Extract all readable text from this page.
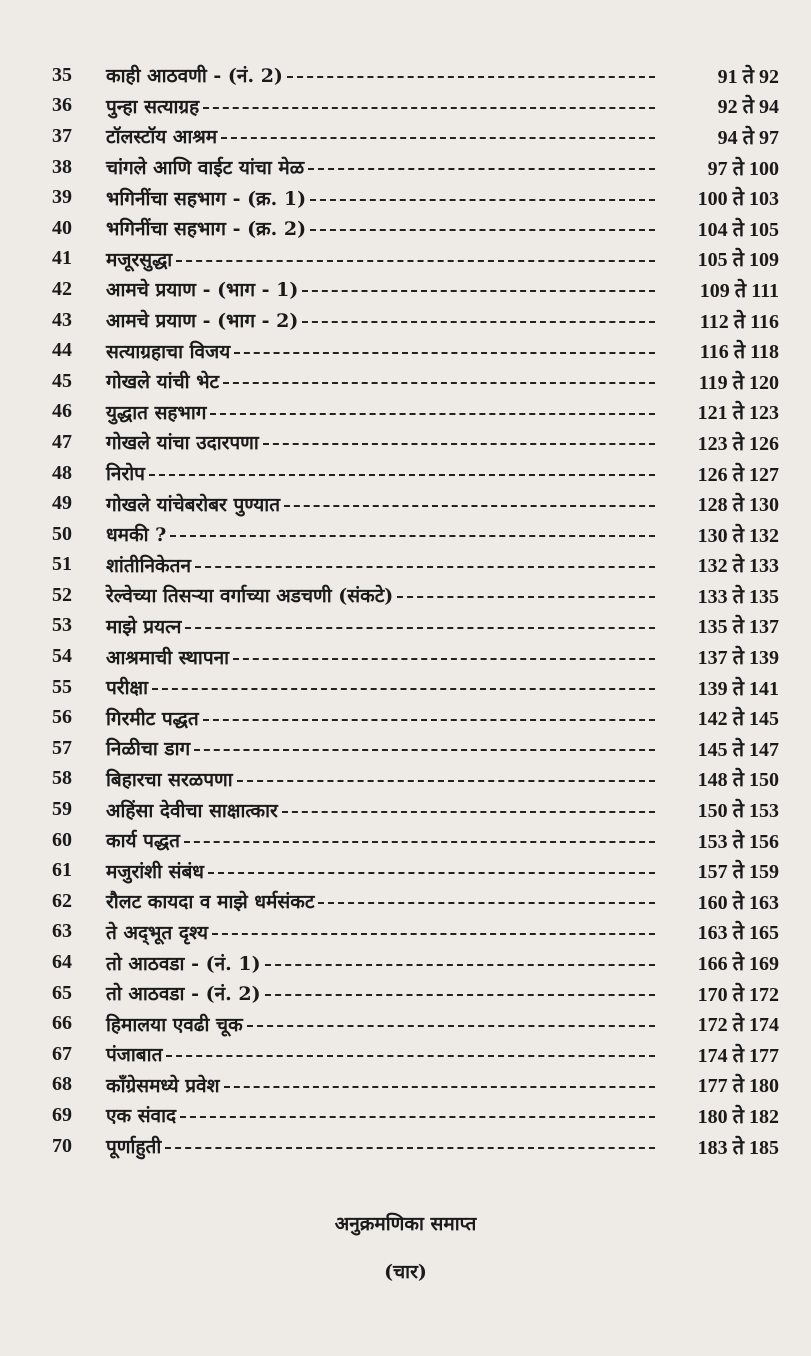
35	काही आठवणी - (नं. 2)	91 ते 92
36	पुन्हा सत्याग्रह	92 ते 94
37	टॉलस्टॉय आश्रम	94 ते 97
38	चांगले आणि वाईट यांचा मेळ	97 ते 100
39	भगिनींचा सहभाग - (क्र. 1)	100 ते 103
40	भगिनींचा सहभाग - (क्र. 2)	104 ते 105
41	मजूरसुद्धा	105 ते 109
42	आमचे प्रयाण - (भाग - 1)	109 ते 111
43	आमचे प्रयाण - (भाग - 2)	112 ते 116
44	सत्याग्रहाचा विजय	116 ते 118
45	गोखले यांची भेट	119 ते 120
46	युद्धात सहभाग	121 ते 123
47	गोखले यांचा उदारपणा	123 ते 126
48	निरोप	126 ते 127
49	गोखले यांचेबरोबर पुण्यात	128 ते 130
50	धमकी ?	130 ते 132
51	शांतीनिकेतन	132 ते 133
52	रेल्वेच्या तिसऱ्या वर्गाच्या अडचणी (संकटे)	133 ते 135
53	माझे प्रयत्न	135 ते 137
54	आश्रमाची स्थापना	137 ते 139
55	परीक्षा	139 ते 141
56	गिरमीट पद्धत	142 ते 145
57	निळीचा डाग	145 ते 147
58	बिहारचा सरळपणा	148 ते 150
59	अहिंसा देवीचा साक्षात्कार	150 ते 153
60	कार्य पद्धत	153 ते 156
61	मजुरांशी संबंध	157 ते 159
62	रौलट कायदा व माझे धर्मसंकट	160 ते 163
63	ते अद्‌भूत दृश्य	163 ते 165
64	तो आठवडा - (नं. 1)	166 ते 169
65	तो आठवडा - (नं. 2)	170 ते 172
66	हिमालया एवढी चूक	172 ते 174
67	पंजाबात	174 ते 177
68	काँग्रेसमध्ये प्रवेश	177 ते 180
69	एक संवाद	180 ते 182
70	पूर्णाहुती	183 ते 185
अनुक्रमणिका समाप्त
(चार)
